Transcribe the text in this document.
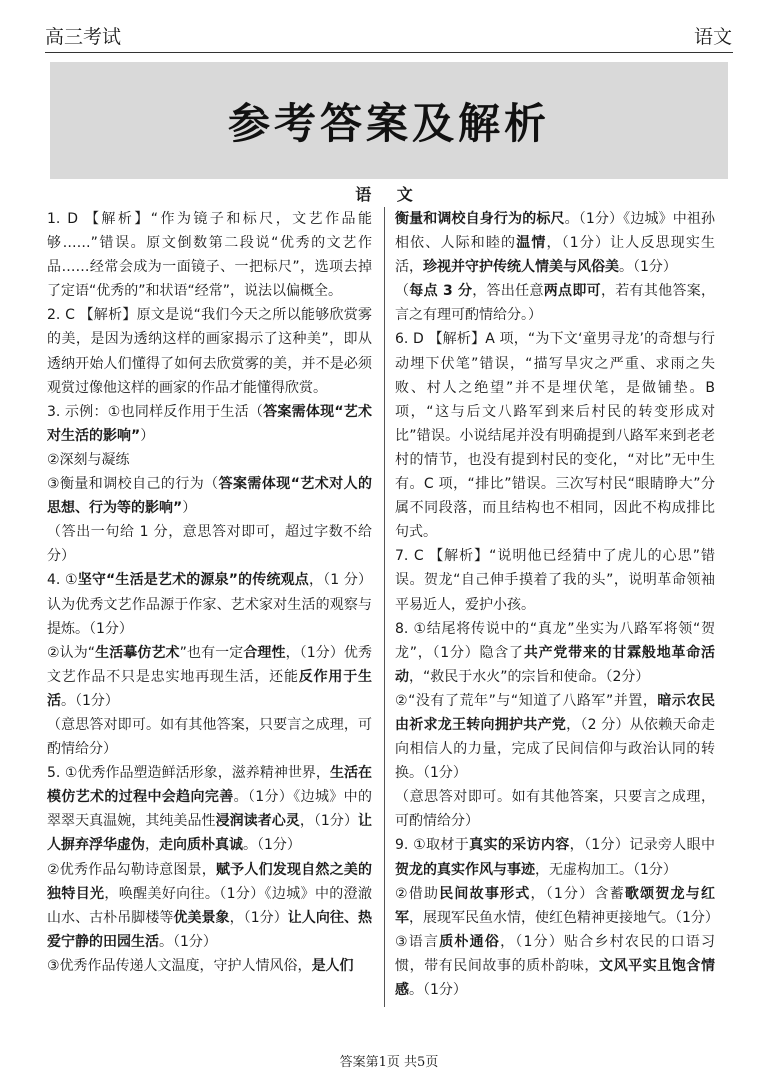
高三考试	语文
参考答案及解析
语 文

1. D 【解析】“作为镜子和标尺，文艺作品能够……”错误。原文倒数第二段说“优秀的文艺作品……经常会成为一面镜子、一把标尺”，选项去掉了定语“优秀的”和状语“经常”，说法以偏概全。

2. C 【解析】原文是说“我们今天之所以能够欣赏雾的美，是因为透纳这样的画家揭示了这种美”，即从透纳开始人们懂得了如何去欣赏雾的美，并不是必须观赏过像他这样的画家的作品才能懂得欣赏。

3. 示例：①也同样反作用于生活（答案需体现“艺术对生活的影响”）

②深刻与凝练

③衡量和调校自己的行为（答案需体现“艺术对人的思想、行为等的影响”）

（答出一句给 1 分，意思答对即可，超过字数不给分）

4. ①坚守“生活是艺术的源泉”的传统观点，（1 分）认为优秀文艺作品源于作家、艺术家对生活的观察与提炼。（1分）

②认为“生活摹仿艺术”也有一定合理性，（1分）优秀文艺作品不只是忠实地再现生活，还能反作用于生活。（1分）

（意思答对即可。如有其他答案，只要言之成理，可酌情给分）

5. ①优秀作品塑造鲜活形象，滋养精神世界，生活在模仿艺术的过程中会趋向完善。（1分）《边城》中的翠翠天真温婉，其纯美品性浸润读者心灵，（1分）让人摒弃浮华虚伪，走向质朴真诚。（1分）

②优秀作品勾勒诗意图景，赋予人们发现自然之美的独特目光，唤醒美好向往。（1分）《边城》中的澄澈山水、古朴吊脚楼等优美景象，（1分）让人向往、热爱宁静的田园生活。（1分）

③优秀作品传递人文温度，守护人情风俗，是人们

衡量和调校自身行为的标尺。（1分）《边城》中祖孙相依、人际和睦的温情，（1分）让人反思现实生活，珍视并守护传统人情美与风俗美。（1分）

（每点 3 分，答出任意两点即可，若有其他答案，言之有理可酌情给分。）

6. D 【解析】A 项，“为下文‘童男寻龙’的奇想与行动埋下伏笔”错误，“描写旱灾之严重、求雨之失败、村人之绝望”并不是埋伏笔，是做铺垫。B 项，“这与后文八路军到来后村民的转变形成对比”错误。小说结尾并没有明确提到八路军来到老老村的情节，也没有提到村民的变化，“对比”无中生有。C 项，“排比”错误。三次写村民“眼睛睁大”分属不同段落，而且结构也不相同，因此不构成排比句式。

7. C 【解析】“说明他已经猜中了虎儿的心思”错误。贺龙“自己伸手摸着了我的头”，说明革命领袖平易近人，爱护小孩。

8. ①结尾将传说中的“真龙”坐实为八路军将领“贺龙”，（1分）隐含了共产党带来的甘霖般地革命活动，“救民于水火”的宗旨和使命。（2分）

②“没有了荒年”与“知道了八路军”并置，暗示农民由祈求龙王转向拥护共产党，（2 分）从依赖天命走向相信人的力量，完成了民间信仰与政治认同的转换。（1分）

（意思答对即可。如有其他答案，只要言之成理，可酌情给分）

9. ①取材于真实的采访内容，（1分）记录旁人眼中贺龙的真实作风与事迹，无虚构加工。（1分）

②借助民间故事形式，（1分）含蓄歌颂贺龙与红军，展现军民鱼水情，使红色精神更接地气。（1分）

③语言质朴通俗，（1分）贴合乡村农民的口语习惯，带有民间故事的质朴韵味，文风平实且饱含情感。（1分）

答案第1页 共5页
